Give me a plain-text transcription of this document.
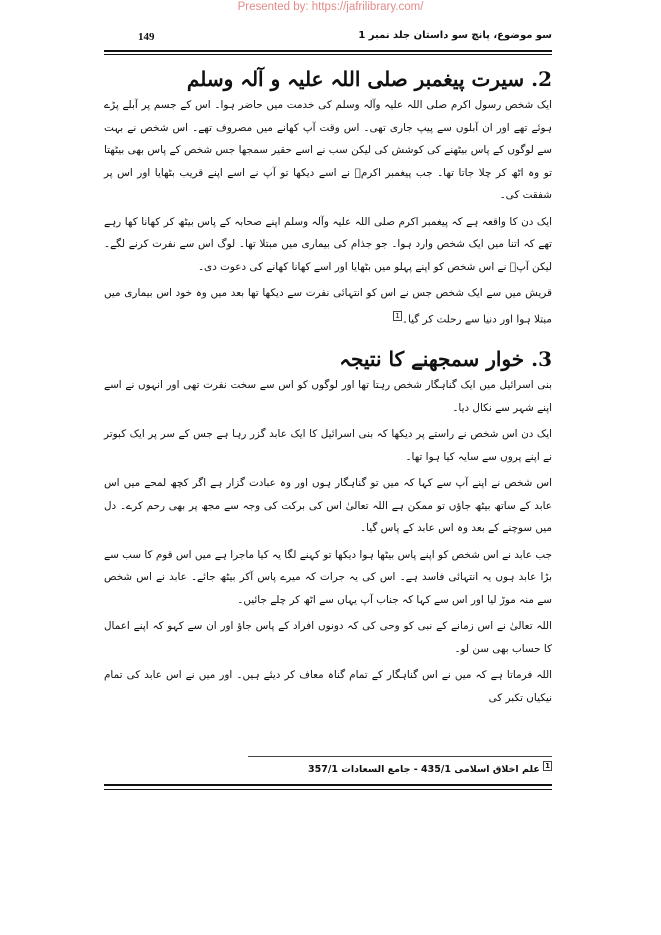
Presented by: https://jafrilibrary.com/
149	سو موضوع، پانچ سو داستان جلد نمبر 1
2. سیرت پیغمبر صلی اللہ علیہ و آلہ وسلم

ایک شخص رسول اکرم صلی اللہ علیہ وآلہ وسلم کی خدمت میں حاضر ہوا۔ اس کے جسم پر آبلے پڑے ہوئے تھے اور ان آبلوں سے پیپ جاری تھی۔ اس وقت آپ کھانے میں مصروف تھے۔ اس شخص نے بہت سے لوگوں کے پاس بیٹھنے کی کوشش کی لیکن سب نے اسے حقیر سمجھا جس شخص کے پاس بھی بیٹھتا تو وہ اٹھ کر چلا جاتا تھا۔ جب پیغمبر اکرمؐ نے اسے دیکھا تو آپ نے اسے اپنے قریب بٹھایا اور اس پر شفقت کی۔

ایک دن کا واقعہ ہے کہ پیغمبر اکرم صلی اللہ علیہ وآلہ وسلم اپنے صحابہ کے پاس بیٹھ کر کھانا کھا رہے تھے کہ اتنا میں ایک شخص وارد ہوا۔ جو جذام کی بیماری میں مبتلا تھا۔ لوگ اس سے نفرت کرنے لگے۔ لیکن آپؐ نے اس شخص کو اپنے پہلو میں بٹھایا اور اسے کھانا کھانے کی دعوت دی۔

قریش میں سے ایک شخص جس نے اس کو انتہائی نفرت سے دیکھا تھا بعد میں وہ خود اس بیماری میں مبتلا ہوا اور دنیا سے رحلت کر گیا۔$^1$

3. خوار سمجھنے کا نتیجہ

بنی اسرائیل میں ایک گناہگار شخص رہتا تھا اور لوگوں کو اس سے سخت نفرت تھی اور انہوں نے اسے اپنے شہر سے نکال دیا۔

ایک دن اس شخص نے راستے پر دیکھا کہ بنی اسرائیل کا ایک عابد گزر رہا ہے جس کے سر پر ایک کبوتر نے اپنے پروں سے سایہ کیا ہوا تھا۔

اس شخص نے اپنے آپ سے کہا کہ میں تو گناہگار ہوں اور وہ عبادت گزار ہے اگر کچھ لمحے میں اس عابد کے ساتھ بیٹھ جاؤں تو ممکن ہے اللہ تعالیٰ اس کی برکت کی وجہ سے مجھ پر بھی رحم کرے۔ دل میں سوچنے کے بعد وہ اس عابد کے پاس گیا۔

جب عابد نے اس شخص کو اپنے پاس بیٹھا ہوا دیکھا تو کہنے لگا یہ کیا ماجرا ہے میں اس قوم کا سب سے بڑا عابد ہوں یہ انتہائی فاسد ہے۔ اس کی یہ جرات کہ میرے پاس آکر بیٹھ جائے۔ عابد نے اس شخص سے منہ موڑ لیا اور اس سے کہا کہ جناب آپ یہاں سے اٹھ کر چلے جائیں۔

اللہ تعالیٰ نے اس زمانے کے نبی کو وحی کی کہ دونوں افراد کے پاس جاؤ اور ان سے کہو کہ اپنے اعمال کا حساب بھی سن لو۔

اللہ فرماتا ہے کہ میں نے اس گناہگار کے تمام گناہ معاف کر دیئے ہیں۔ اور میں نے اس عابد کی تمام نیکیاں تکبر کی

$^1$ علم اخلاق اسلامی 435/1 - جامع السعادات 357/1
